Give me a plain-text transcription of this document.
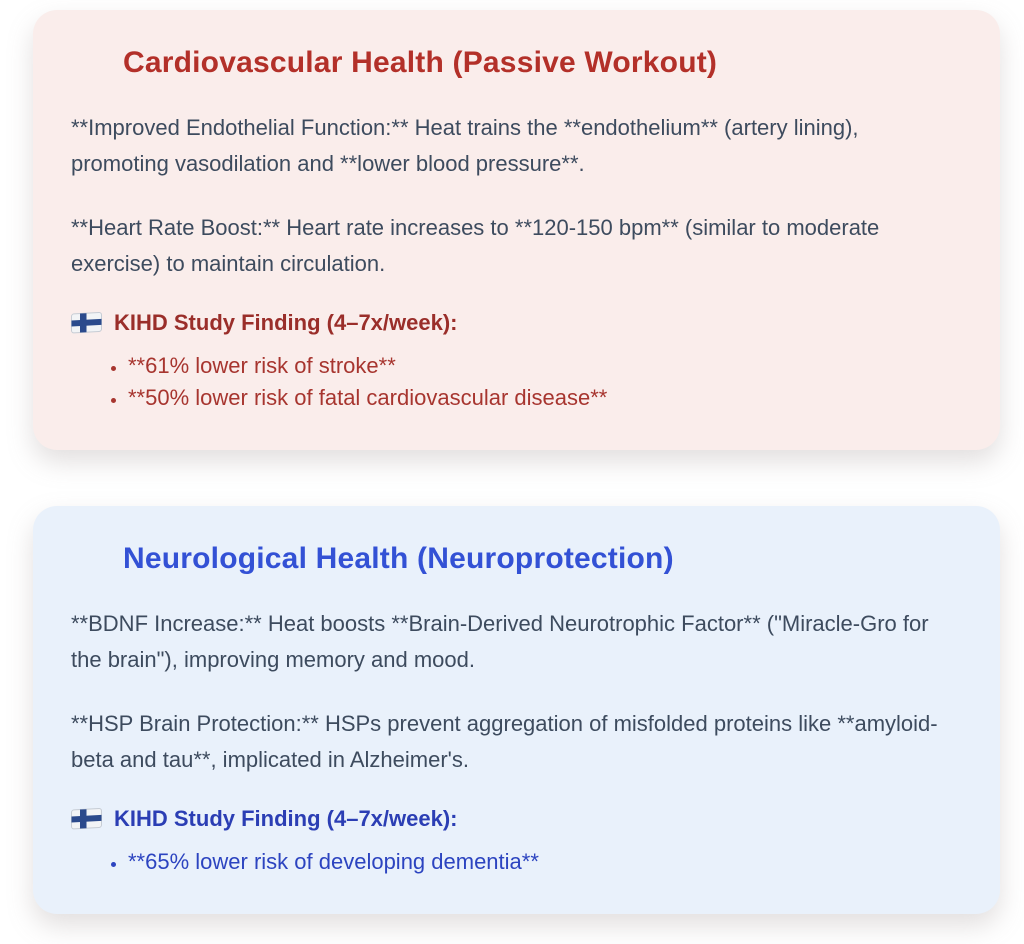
Cardiovascular Health (Passive Workout)

**Improved Endothelial Function:** Heat trains the **endothelium** (artery lining), promoting vasodilation and **lower blood pressure**.

**Heart Rate Boost:** Heart rate increases to **120-150 bpm** (similar to moderate exercise) to maintain circulation.

KIHD Study Finding (4–7x/week):
• **61% lower risk of stroke**
• **50% lower risk of fatal cardiovascular disease**
Neurological Health (Neuroprotection)

**BDNF Increase:** Heat boosts **Brain-Derived Neurotrophic Factor** ("Miracle-Gro for the brain"), improving memory and mood.

**HSP Brain Protection:** HSPs prevent aggregation of misfolded proteins like **amyloid-beta and tau**, implicated in Alzheimer's.

KIHD Study Finding (4–7x/week):
• **65% lower risk of developing dementia**
